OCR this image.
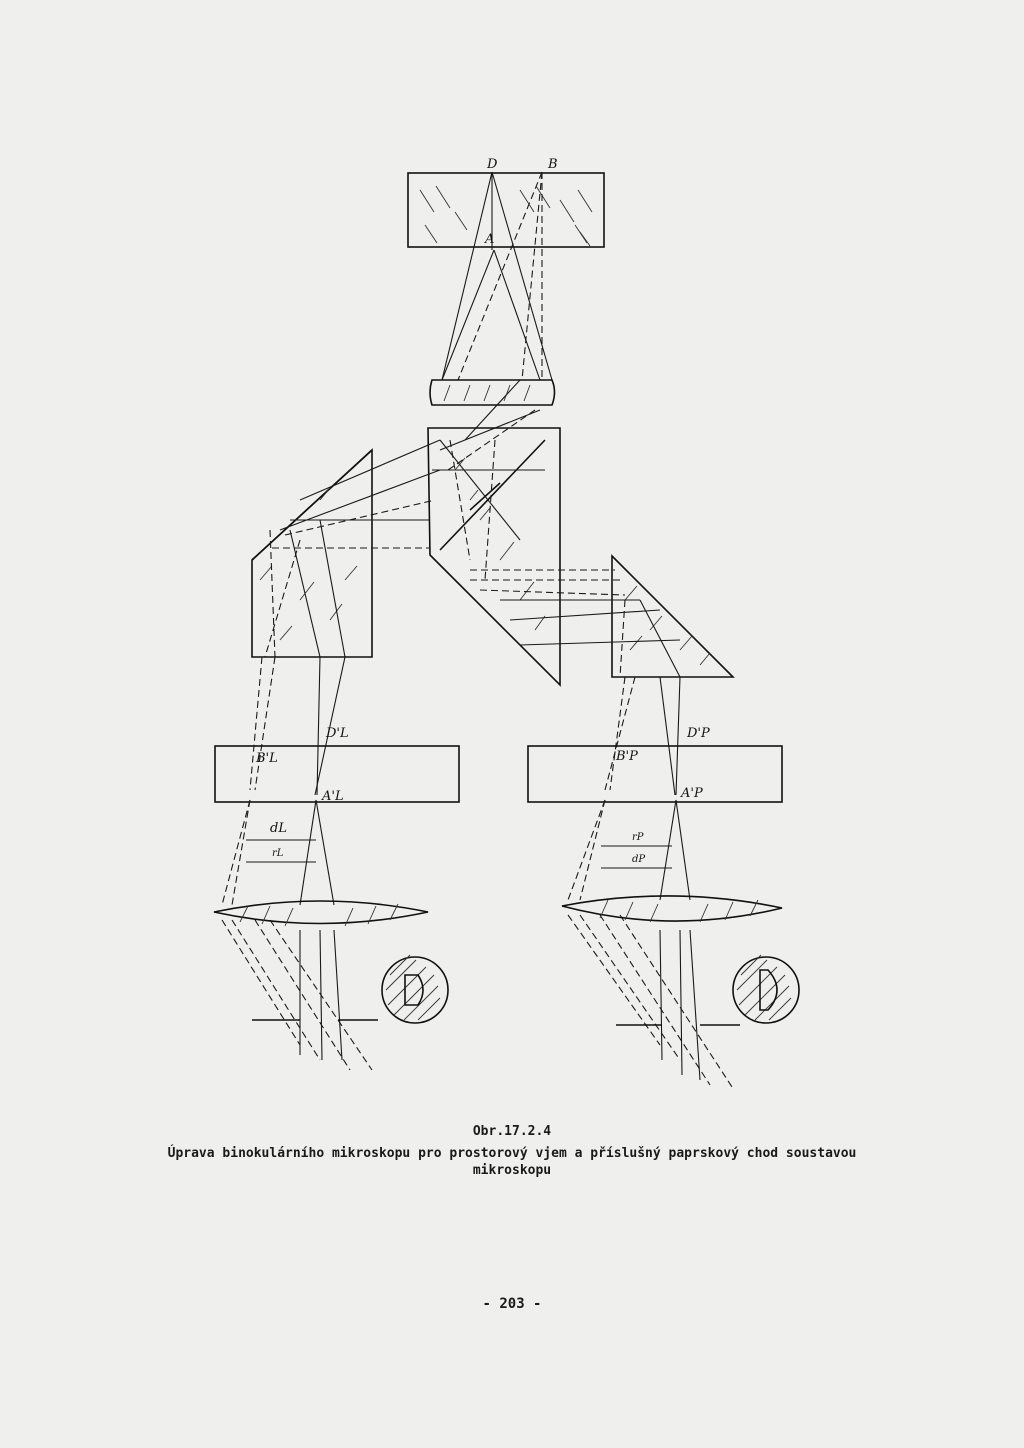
B'L
D'L
A'L
dL
rL
B'P
D'P
A'P
rP
dP
D	B
A
Obr.17.2.4
Úprava binokulárního mikroskopu pro prostorový vjem a příslušný paprskový chod soustavou mikroskopu
- 203 -
